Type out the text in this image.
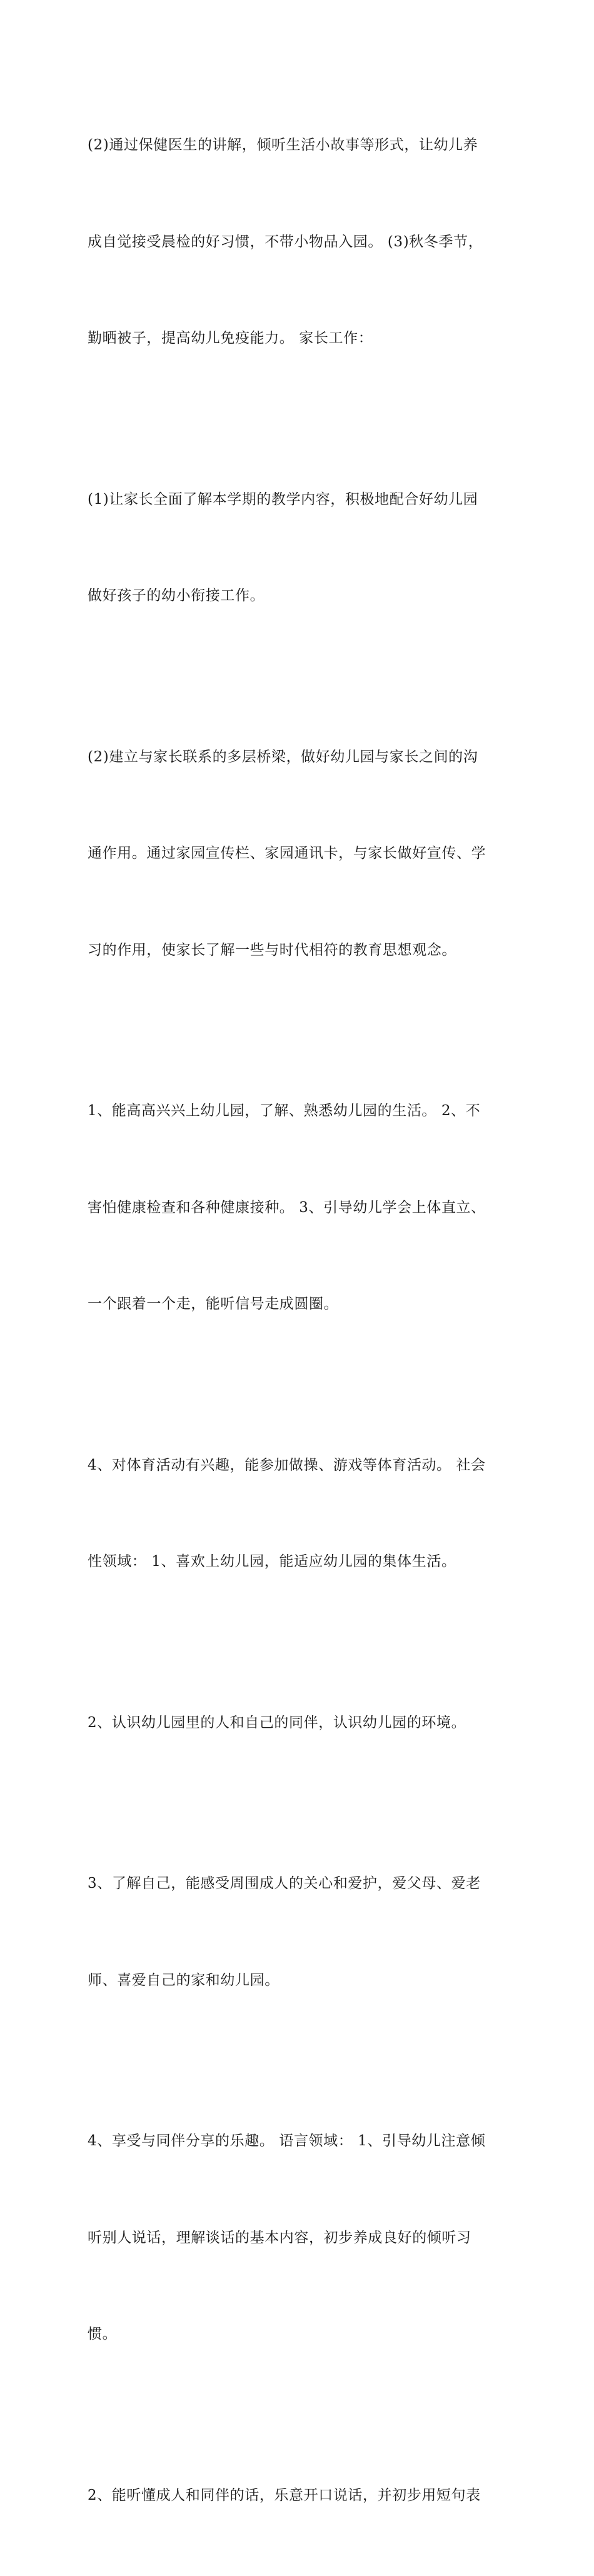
(2)通过保健医生的讲解，倾听生活小故事等形式，让幼儿养

成自觉接受晨检的好习惯，不带小物品入园。 (3)秋冬季节，

勤晒被子，提高幼儿免疫能力。 家长工作：

(1)让家长全面了解本学期的教学内容，积极地配合好幼儿园

做好孩子的幼小衔接工作。

(2)建立与家长联系的多层桥梁，做好幼儿园与家长之间的沟

通作用。通过家园宣传栏、家园通讯卡，与家长做好宣传、学

习的作用，使家长了解一些与时代相符的教育思想观念。

1、能高高兴兴上幼儿园，了解、熟悉幼儿园的生活。 2、不

害怕健康检查和各种健康接种。 3、引导幼儿学会上体直立、

一个跟着一个走，能听信号走成圆圈。

4、对体育活动有兴趣，能参加做操、游戏等体育活动。 社会

性领域： 1、喜欢上幼儿园，能适应幼儿园的集体生活。

2、认识幼儿园里的人和自己的同伴，认识幼儿园的环境。

3、了解自己，能感受周围成人的关心和爱护，爱父母、爱老

师、喜爱自己的家和幼儿园。

4、享受与同伴分享的乐趣。 语言领域： 1、引导幼儿注意倾

听别人说话，理解谈话的基本内容，初步养成良好的倾听习

惯。

2、能听懂成人和同伴的话，乐意开口说话，并初步用短句表
